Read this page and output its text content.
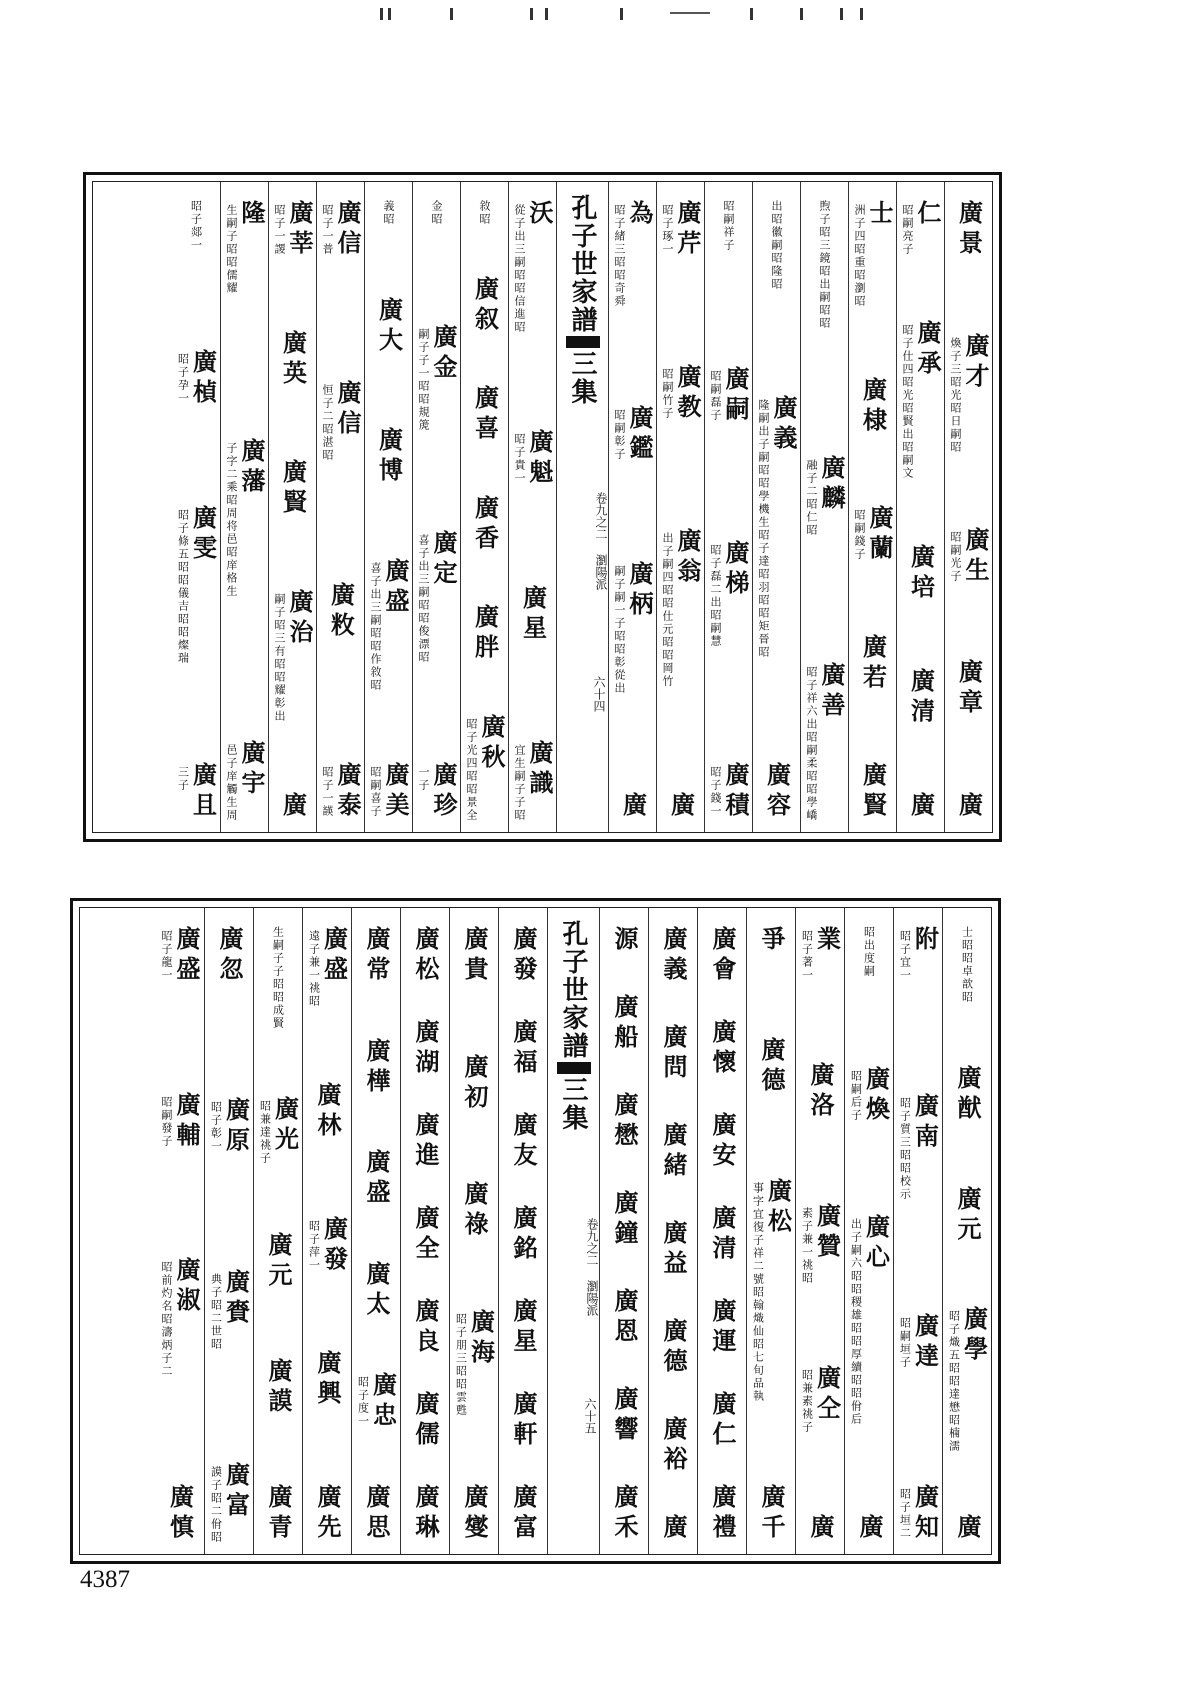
廣景
廣才
煥子三昭光昭日嗣昭
廣生
昭嗣光子
廣章
廣
仁
昭嗣亮子
廣承
昭子仕四昭光昭賢出昭嗣文
廣培
廣清
廣
士
洲子四昭重昭瀏昭
廣棣
廣蘭
昭嗣錢子
廣若
廣賢
煦子昭三鏡昭出嗣昭昭
廣麟
融子二昭仁昭
廣善
昭子祥六出昭嗣柔昭昭學嶠
出昭徽嗣昭隆昭
廣義
隆嗣出子嗣昭昭學機生昭子達昭羽昭昭矩晉昭
廣容
昭嗣祥子
廣嗣
昭嗣磊子
廣梯
昭子磊二出昭嗣慧
廣積
昭子錢一
廣芹
昭子琢一
廣教
昭嗣竹子
廣翁
出子嗣四昭昭仕元昭昭岡竹
廣
為
昭子緒三昭昭奇舜
廣鑑
昭嗣彰子
廣柄
嗣子嗣一子昭昭彰從出
廣
孔子世家譜
三集
卷九之二瀏陽派
六十四
沃
從子出三嗣昭昭信進昭
廣魁
昭子貴一
廣星
廣識
宜生嗣子子昭
敘昭
廣叙
廣喜
廣香
廣胖
廣秋
昭子光四昭昭景全
金昭
廣金
嗣子子一昭昭規箎
廣定
喜子出三嗣昭昭俊漂昭
廣珍
一子
義昭
廣大
廣博
廣盛
喜子出三嗣昭昭作敘昭
廣美
昭嗣喜子
廣信
昭子一普
廣信
恒子二昭湛昭
廣敉
廣泰
昭子一韺
廣莘
昭子一謖
廣英
廣賢
廣治
嗣子昭三有昭昭耀彰出
廣
隆
生嗣子昭昭儒耀
廣藩
子字二乘昭周将邑昭庠格生
廣宇
邑子庠觸生周
昭子郯一
廣楨
昭子孕一
廣雯
昭子條五昭昭儀吉昭昭燦瑞
廣且
三子
士昭昭卓歆昭
廣猷
廣元
廣學
昭子熾五昭昭達懋昭楠濡
廣
附
昭子宜一
廣南
昭子質三昭昭校示
廣達
昭嗣垣子
廣知
昭子垣二
昭出度嗣
廣煥
昭嗣后子
廣心
出子嗣六昭昭稷雄昭昭厚續昭昭佾后
廣
業
昭子著一
廣洛
廣贊
素子兼一祧昭
廣仝
昭兼素祧子
廣
爭
廣德
廣松
事字宜復子祥二號昭翰熾仙昭七旬品執
廣千
廣會
廣懷
廣安
廣清
廣運
廣仁
廣禮
廣義
廣問
廣緒
廣益
廣德
廣裕
廣
源
廣船
廣懋
廣鐘
廣恩
廣響
廣禾
孔子世家譜
三集
卷九之二瀏陽派
六十五
廣發
廣福
廣友
廣銘
廣星
廣軒
廣富
廣貴
廣初
廣祿
廣海
昭子朋三昭昭雲甦
廣燮
廣松
廣湖
廣進
廣全
廣良
廣儒
廣琳
廣常
廣樺
廣盛
廣太
廣忠
昭子度一
廣思
廣盛
遠子兼一祧昭
廣林
廣發
昭子萍一
廣興
廣先
生嗣子子昭昭成賢
廣光
昭兼達祧子
廣元
廣謨
廣青
廣忽
廣原
昭子彰一
廣賚
典子昭二世昭
廣富
謨子昭二佾昭
廣盛
昭子龍一
廣輔
昭嗣發子
廣淑
昭前灼名昭濤炳子二
廣慎
4387
